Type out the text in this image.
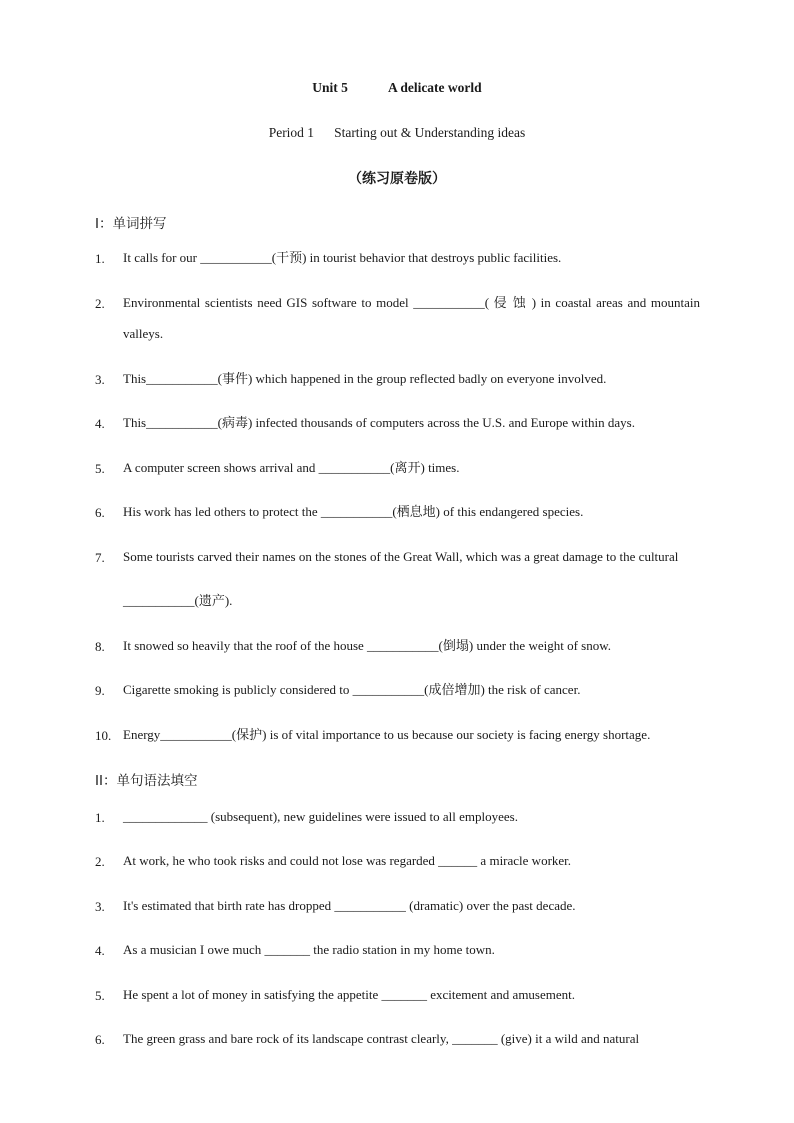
Unit 5	A delicate world
Period 1 Starting out & Understanding ideas
（练习原卷版）
I：单词拼写
1. It calls for our ___________(干预) in tourist behavior that destroys public facilities.
2. Environmental scientists need GIS software to model ___________( 侵 蚀 ) in coastal areas and mountain valleys.
3. This___________(事件) which happened in the group reflected badly on everyone involved.
4. This___________(病毒) infected thousands of computers across the U.S. and Europe within days.
5. A computer screen shows arrival and ___________(离开) times.
6. His work has led others to protect the ___________(栖息地) of this endangered species.
7. Some tourists carved their names on the stones of the Great Wall, which was a great damage to the cultural ___________(遗产).
8. It snowed so heavily that the roof of the house ___________(倒塌) under the weight of snow.
9. Cigarette smoking is publicly considered to ___________(成倍增加) the risk of cancer.
10. Energy___________(保护) is of vital importance to us because our society is facing energy shortage.
II：单句语法填空
1. _____________ (subsequent), new guidelines were issued to all employees.
2. At work, he who took risks and could not lose was regarded ______ a miracle worker.
3. It's estimated that birth rate has dropped ___________ (dramatic) over the past decade.
4. As a musician I owe much _______ the radio station in my home town.
5. He spent a lot of money in satisfying the appetite _______ excitement and amusement.
6. The green grass and bare rock of its landscape contrast clearly, _______ (give) it a wild and natural
